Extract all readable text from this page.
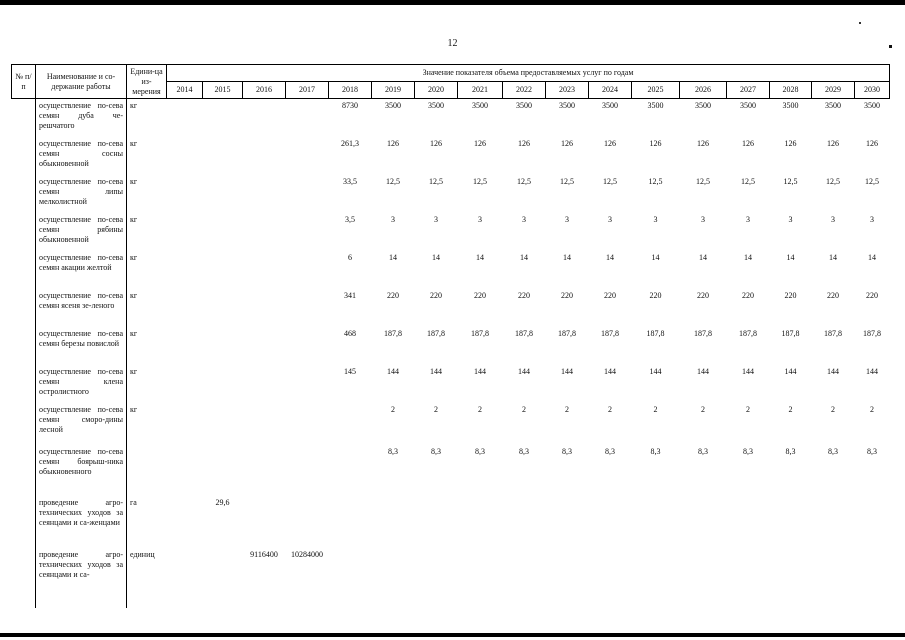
12
№ п/п	Наименование и со-держание работы	Едини-ца из-мерения	Значение показателя объема предоставляемых услуг по годам																
			2014	2015	2016	2017	2018	2019	2020	2021	2022	2023	2024	2025	2026	2027	2028	2029	2030
	осуществление по-сева семян дуба че-решчатого	кг					8730	3500	3500	3500	3500	3500	3500	3500	3500	3500	3500	3500	3500
	осуществление по-сева семян сосны обыкновенной	кг					261,3	126	126	126	126	126	126	126	126	126	126	126	126
	осуществление по-сева семян липы мелколистной	кг					33,5	12,5	12,5	12,5	12,5	12,5	12,5	12,5	12,5	12,5	12,5	12,5	12,5
	осуществление по-сева семян рябины обыкновенной	кг					3,5	3	3	3	3	3	3	3	3	3	3	3	3
	осуществление по-сева семян акации желтой	кг					6	14	14	14	14	14	14	14	14	14	14	14	14
	осуществление по-сева семян ясеня зе-леного	кг					341	220	220	220	220	220	220	220	220	220	220	220	220
	осуществление по-сева семян березы повислой	кг					468	187,8	187,8	187,8	187,8	187,8	187,8	187,8	187,8	187,8	187,8	187,8	187,8
	осуществление по-сева семян клена остролистного	кг					145	144	144	144	144	144	144	144	144	144	144	144	144
	осуществление по-сева семян сморо-дины лесной	кг						2	2	2	2	2	2	2	2	2	2	2	2
	осуществление по-сева семян боярыш-ника обыкновенного							8,3	8,3	8,3	8,3	8,3	8,3	8,3	8,3	8,3	8,3	8,3	8,3
	проведение агро-технических уходов за сеянцами и са-женцами	га		29,6															
	проведение агро-технических уходов за сеянцами и са-	единиц			9116400	10284000													
